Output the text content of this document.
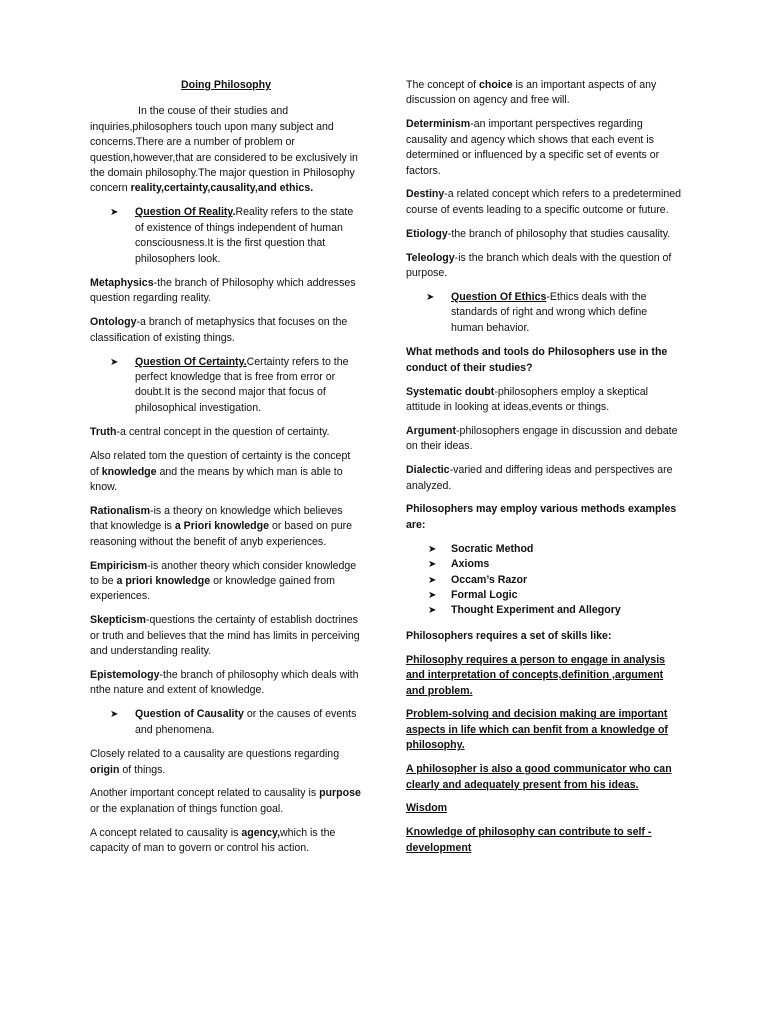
Doing Philosophy

In the couse of their studies and inquiries,philosophers touch upon many subject and concerns.There are a number of problem or question,however,that are considered to be exclusively in the domain philosophy.The major question in Philosophy concern reality,certainty,causality,and ethics.

➤ Question Of Reality.Reality refers to the state of existence of things independent of human consciousness.It is the first question that philosophers look.

Metaphysics-the branch of Philosophy which addresses question regarding reality.

Ontology-a branch of metaphysics that focuses on the classification of existing things.

➤ Question Of Certainty.Certainty refers to the perfect knowledge that is free from error or doubt.It is the second major that focus of philosophical investigation.

Truth-a central concept in the question of certainty.

Also related tom the question of certainty is the concept of knowledge and the means by which man is able to know.

Rationalism-is a theory on knowledge which believes that knowledge is a Priori knowledge or based on pure reasoning without the benefit of anyb experiences.

Empiricism-is another theory which consider knowledge to be a priori knowledge or knowledge gained from experiences.

Skepticism-questions the certainty of establish doctrines or truth and believes that the mind has limits in perceiving and understanding reality.

Epistemology-the branch of philosophy which deals with nthe nature and extent of knowledge.

➤ Question of Causality or the causes of events and phenomena.

Closely related to a causality are questions regarding origin of things.

Another important concept related to causality is purpose or the explanation of things function goal.

A concept related to causality is agency,which is the capacity of man to govern or control his action.

The concept of choice is an important aspects of any discussion on agency and free will.

Determinism-an important perspectives regarding causality and agency which shows that each event is determined or influenced by a specific set of events or factors.

Destiny-a related concept which refers to a predetermined course of events leading to a specific outcome or future.

Etiology-the branch of philosophy that studies causality.

Teleology-is the branch which deals with the question of purpose.

➤ Question Of Ethics-Ethics deals with the standards of right and wrong which define human behavior.

What methods and tools do Philosophers use in the conduct of their studies?

Systematic doubt-philosophers employ a skeptical attitude in looking at ideas,events or things.

Argument-philosophers engage in discussion and debate on their ideas.

Dialectic-varied and differing ideas and perspectives are analyzed.

Philosophers may employ various methods examples are:

➤ Socratic Method
➤ Axioms
➤ Occam’s Razor
➤ Formal Logic
➤ Thought Experiment and Allegory

Philosophers requires a set of skills like:

Philosophy requires a person to engage in analysis and interpretation of concepts,definition ,argument and problem.

Problem-solving and decision making are important aspects in life which can benfit from a knowledge of philosophy.

A philosopher is also a good communicator who can clearly and adequately present from his ideas.

Wisdom

Knowledge of philosophy can contribute to self -development
